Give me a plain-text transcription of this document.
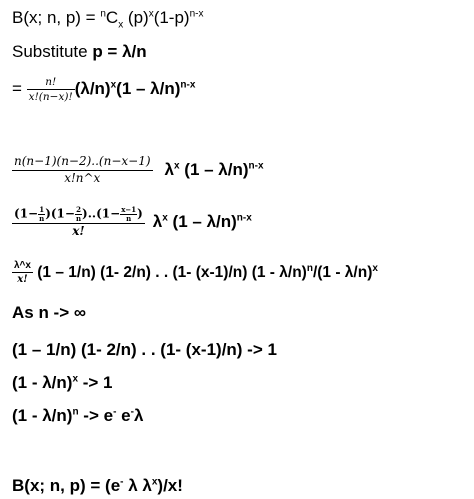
B(x; n, $p) = ^nC_x$ $(p)^x(1-p)^{n-x}$
Substitute p = λ/n
= $\frac{n!}{x!(n-x)!} (\lambda/n)^x(1 - \lambda/n)^{n-x}$
$\frac{n(n-1)(n-2)..(n-x-1)}{x!n\^{}x} \lambda^x$ (1 – λ/n)$^{n-x}$
$\frac{(1- \frac{1}{n} )(1- \frac{2}{n} )..(1- \frac{x-1}{n} )}{x!} \lambda^x$ (1 – λ/n)$^{n-x}$
$\frac{\lambda\^{}x}{x!} (1 - 1/n)$ (1- 2/n) . . (1- (x-1)/n) (1 - λ/n)$^n$/(1 - λ/n)$^x$
As n -> ∞
(1 – 1/n) (1- 2/n) . . (1- (x-1)/n) -> 1
(1 - λ/n)$^x$ -> 1
(1 - λ/n)$^n$ -> e- e-λ
B(x; n, p) = (e- λ $\lambda^x)/x$!
